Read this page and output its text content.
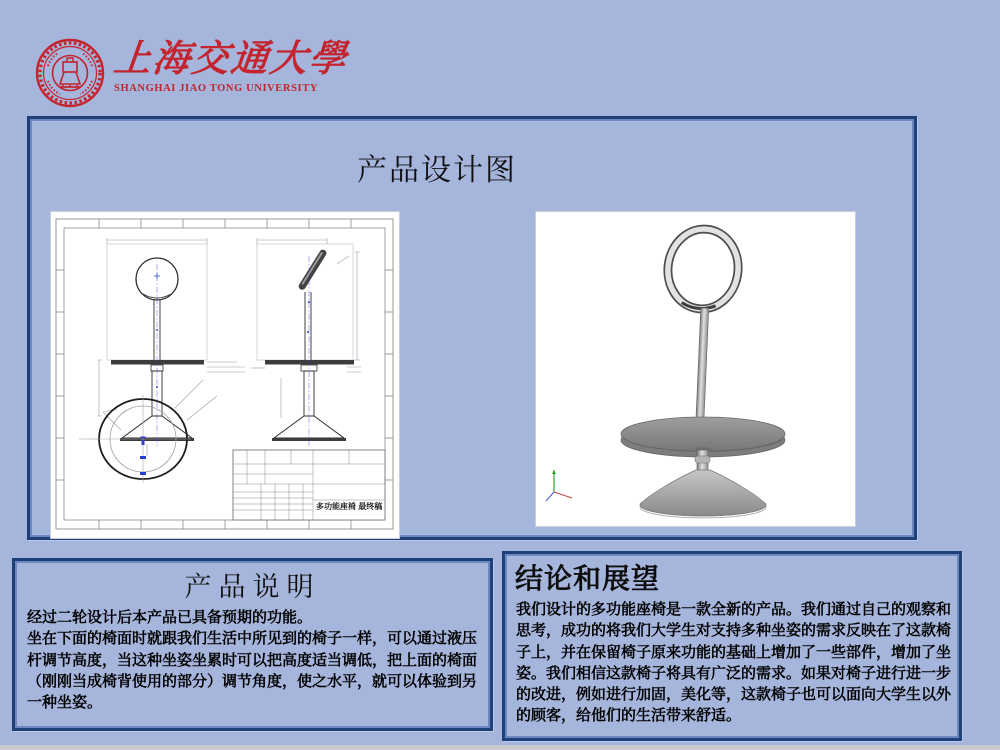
上海交通大學
SHANGHAI JIAO TONG UNIVERSITY
产品设计图
多功能座椅 最终稿
产品说明

经过二轮设计后本产品已具备预期的功能。

坐在下面的椅面时就跟我们生活中所见到的椅子一样，可以通过液压杆调节高度，当这种坐姿坐累时可以把高度适当调低，把上面的椅面（刚刚当成椅背使用的部分）调节角度，使之水平，就可以体验到另一种坐姿。

结论和展望

我们设计的多功能座椅是一款全新的产品。我们通过自己的观察和思考，成功的将我们大学生对支持多种坐姿的需求反映在了这款椅子上，并在保留椅子原来功能的基础上增加了一些部件，增加了坐姿。我们相信这款椅子将具有广泛的需求。如果对椅子进行进一步的改进，例如进行加固，美化等，这款椅子也可以面向大学生以外的顾客，给他们的生活带来舒适。
